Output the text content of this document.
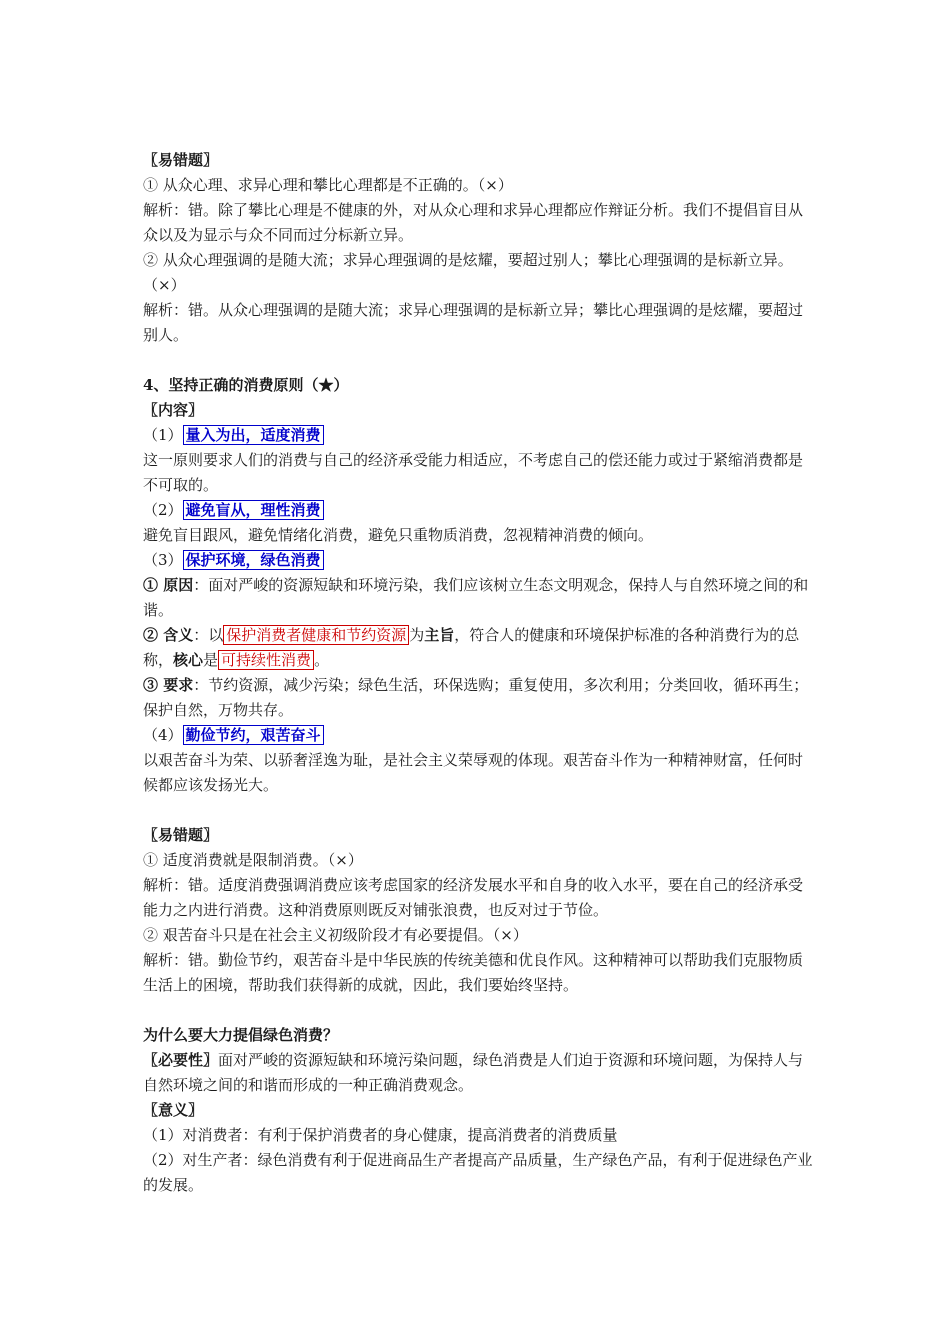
〖易错题〗
① 从众心理、求异心理和攀比心理都是不正确的。（×）
解析：错。除了攀比心理是不健康的外，对从众心理和求异心理都应作辩证分析。我们不提倡盲目从众以及为显示与众不同而过分标新立异。
② 从众心理强调的是随大流；求异心理强调的是炫耀，要超过别人；攀比心理强调的是标新立异。（×）
解析：错。从众心理强调的是随大流；求异心理强调的是标新立异；攀比心理强调的是炫耀，要超过别人。
4、坚持正确的消费原则（★）
〖内容〗
（1） 量入为出，适度消费
这一原则要求人们的消费与自己的经济承受能力相适应，不考虑自己的偿还能力或过于紧缩消费都是不可取的。
（2） 避免盲从，理性消费
避免盲目跟风，避免情绪化消费，避免只重物质消费，忽视精神消费的倾向。
（3） 保护环境，绿色消费
① 原因：面对严峻的资源短缺和环境污染，我们应该树立生态文明观念，保持人与自然环境之间的和谐。
② 含义：以 保护消费者健康和节约资源 为主旨，符合人的健康和环境保护标准的各种消费行为的总称，核心是 可持续性消费 。
③ 要求：节约资源，减少污染；绿色生活，环保选购；重复使用，多次利用；分类回收，循环再生；保护自然，万物共存。
（4） 勤俭节约，艰苦奋斗
以艰苦奋斗为荣、以骄奢淫逸为耻，是社会主义荣辱观的体现。艰苦奋斗作为一种精神财富，任何时候都应该发扬光大。
〖易错题〗
① 适度消费就是限制消费。（×）
解析：错。适度消费强调消费应该考虑国家的经济发展水平和自身的收入水平，要在自己的经济承受能力之内进行消费。这种消费原则既反对铺张浪费，也反对过于节俭。
② 艰苦奋斗只是在社会主义初级阶段才有必要提倡。（×）
解析：错。勤俭节约，艰苦奋斗是中华民族的传统美德和优良作风。这种精神可以帮助我们克服物质生活上的困境，帮助我们获得新的成就，因此，我们要始终坚持。
为什么要大力提倡绿色消费？
〖必要性〗面对严峻的资源短缺和环境污染问题，绿色消费是人们迫于资源和环境问题，为保持人与自然环境之间的和谐而形成的一种正确消费观念。
〖意义〗
（1）对消费者：有利于保护消费者的身心健康，提高消费者的消费质量
（2）对生产者：绿色消费有利于促进商品生产者提高产品质量，生产绿色产品，有利于促进绿色产业的发展。
